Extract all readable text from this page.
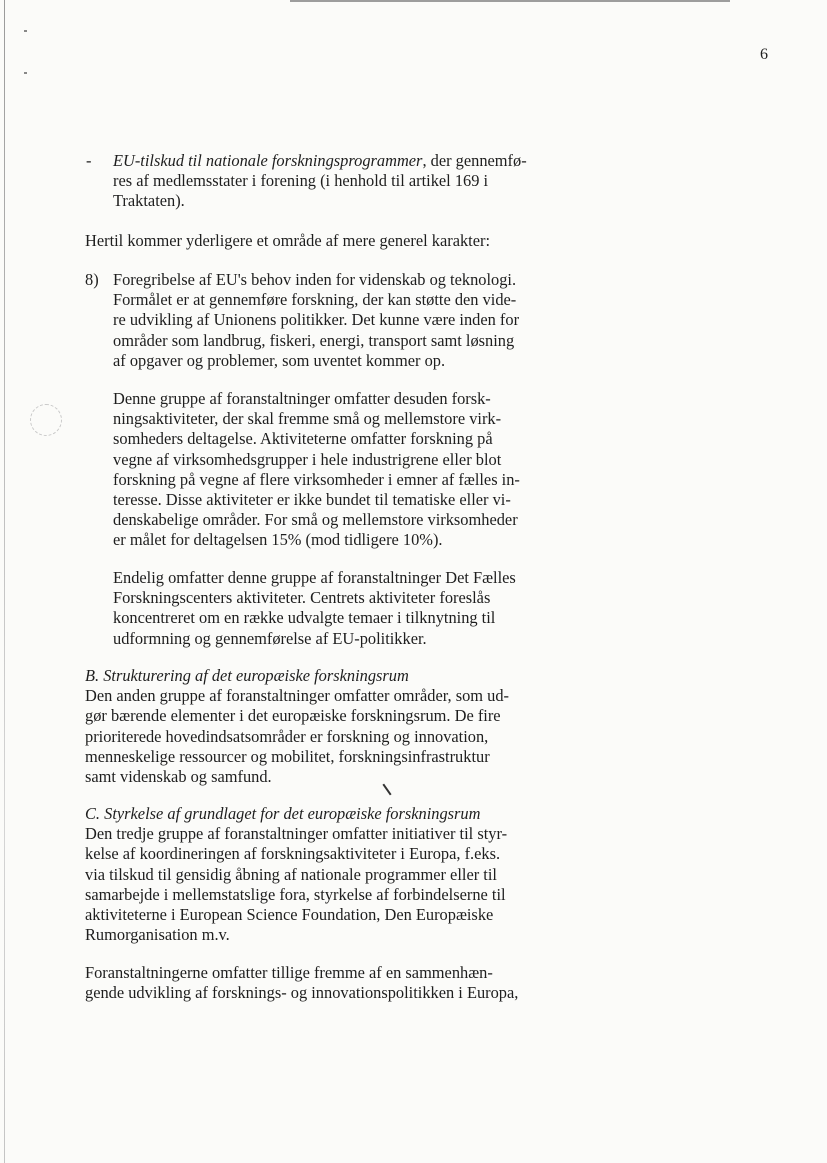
6
- EU-tilskud til nationale forskningsprogrammer, der gennemfø-
res af medlemsstater i forening (i henhold til artikel 169 i
Traktaten).

Hertil kommer yderligere et område af mere generel karakter:

8) Foregribelse af EU's behov inden for videnskab og teknologi.
Formålet er at gennemføre forskning, der kan støtte den vide-
re udvikling af Unionens politikker. Det kunne være inden for
områder som landbrug, fiskeri, energi, transport samt løsning
af opgaver og problemer, som uventet kommer op.

Denne gruppe af foranstaltninger omfatter desuden forsk-
ningsaktiviteter, der skal fremme små og mellemstore virk-
somheders deltagelse. Aktiviteterne omfatter forskning på
vegne af virksomhedsgrupper i hele industrigrene eller blot
forskning på vegne af flere virksomheder i emner af fælles in-
teresse. Disse aktiviteter er ikke bundet til tematiske eller vi-
denskabelige områder. For små og mellemstore virksomheder
er målet for deltagelsen 15% (mod tidligere 10%).

Endelig omfatter denne gruppe af foranstaltninger Det Fælles
Forskningscenters aktiviteter. Centrets aktiviteter foreslås
koncentreret om en række udvalgte temaer i tilknytning til
udformning og gennemførelse af EU-politikker.

B. Strukturering af det europæiske forskningsrum
Den anden gruppe af foranstaltninger omfatter områder, som ud-
gør bærende elementer i det europæiske forskningsrum. De fire
prioriterede hovedindsatsområder er forskning og innovation,
menneskelige ressourcer og mobilitet, forskningsinfrastruktur
samt videnskab og samfund.

C. Styrkelse af grundlaget for det europæiske forskningsrum
Den tredje gruppe af foranstaltninger omfatter initiativer til styr-
kelse af koordineringen af forskningsaktiviteter i Europa, f.eks.
via tilskud til gensidig åbning af nationale programmer eller til
samarbejde i mellemstatslige fora, styrkelse af forbindelserne til
aktiviteterne i European Science Foundation, Den Europæiske
Rumorganisation m.v.

Foranstaltningerne omfatter tillige fremme af en sammenhæn-
gende udvikling af forsknings- og innovationspolitikken i Europa,
